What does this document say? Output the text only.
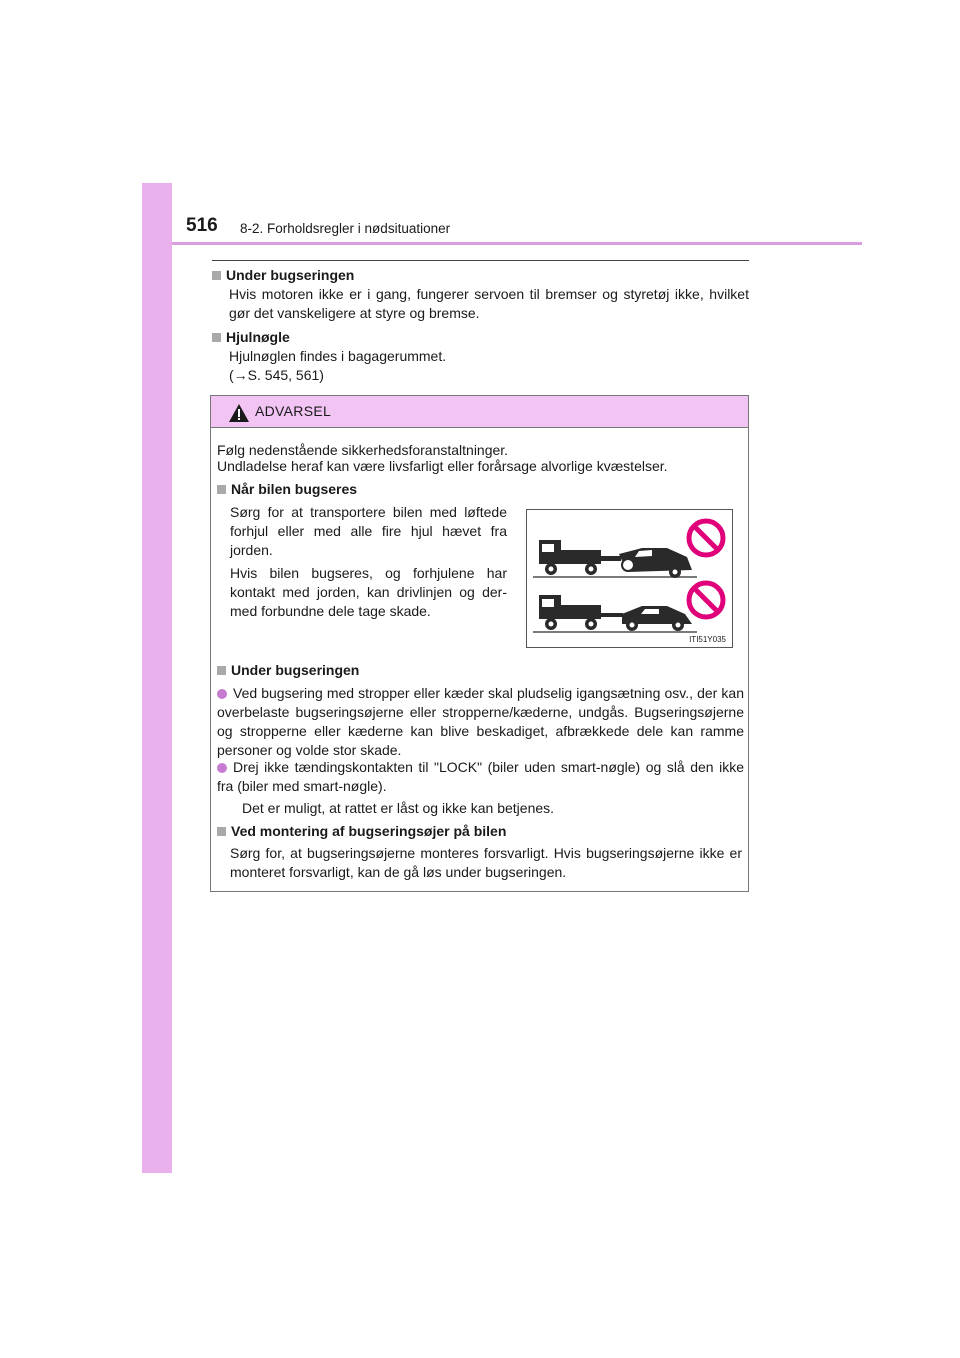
516 8-2. Forholdsregler i nødsituationer
Under bugseringen
Hvis motoren ikke er i gang, fungerer servoen til bremser og styretøj ikke, hvilket gør det vanskeligere at styre og bremse.
Hjulnøgle
Hjulnøglen findes i bagagerummet.
(→S. 545, 561)
ADVARSEL
Følg nedenstående sikkerhedsforanstaltninger.
Undladelse heraf kan være livsfarligt eller forårsage alvorlige kvæstelser.
Når bilen bugseres
Sørg for at transportere bilen med løftede forhjul eller med alle fire hjul hævet fra jorden.
Hvis bilen bugseres, og forhjulene har kontakt med jorden, kan drivlinjen og der-med forbundne dele tage skade.
ITI51Y035
Under bugseringen
Ved bugsering med stropper eller kæder skal pludselig igangsætning osv., der kan overbelaste bugseringsøjerne eller stropperne/kæderne, undgås. Bugseringsøjerne og stropperne eller kæderne kan blive beskadiget, afbrækkede dele kan ramme personer og volde stor skade.
Drej ikke tændingskontakten til "LOCK" (biler uden smart-nøgle) og slå den ikke fra (biler med smart-nøgle).
Det er muligt, at rattet er låst og ikke kan betjenes.
Ved montering af bugseringsøjer på bilen
Sørg for, at bugseringsøjerne monteres forsvarligt. Hvis bugseringsøjerne ikke er monteret forsvarligt, kan de gå løs under bugseringen.
